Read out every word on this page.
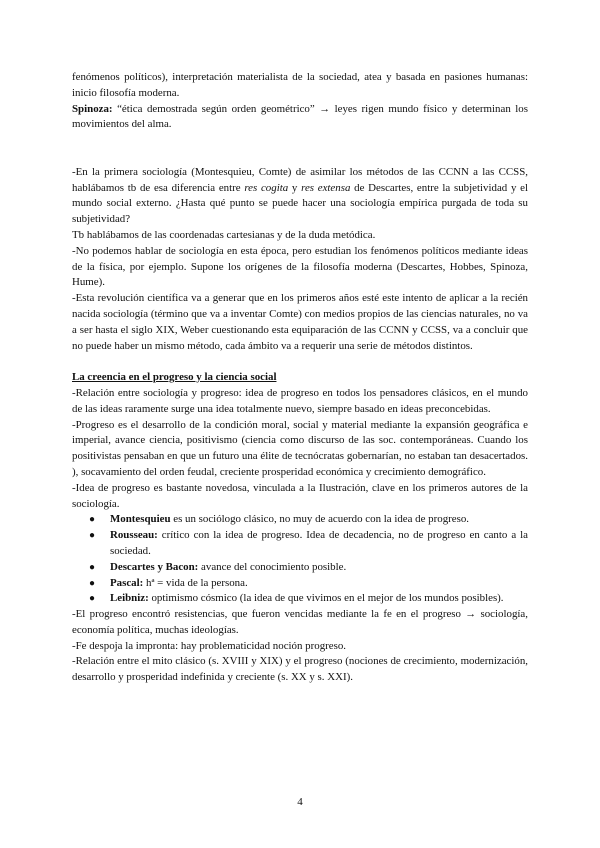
fenómenos políticos), interpretación materialista de la sociedad, atea y basada en pasiones humanas: inicio filosofía moderna.

Spinoza: “ética demostrada según orden geométrico” → leyes rigen mundo físico y determinan los movimientos del alma.

-En la primera sociología (Montesquieu, Comte) de asimilar los métodos de las CCNN a las CCSS, hablábamos tb de esa diferencia entre res cogita y res extensa de Descartes, entre la subjetividad y el mundo social externo. ¿Hasta qué punto se puede hacer una sociología empírica purgada de toda su subjetividad?

Tb hablábamos de las coordenadas cartesianas y de la duda metódica.

-No podemos hablar de sociología en esta época, pero estudian los fenómenos políticos mediante ideas de la física, por ejemplo. Supone los orígenes de la filosofía moderna (Descartes, Hobbes, Spinoza, Hume).

-Esta revolución científica va a generar que en los primeros años esté este intento de aplicar a la recién nacida sociología (término que va a inventar Comte) con medios propios de las ciencias naturales, no va a ser hasta el siglo XIX, Weber cuestionando esta equiparación de las CCNN y CCSS, va a concluir que no puede haber un mismo método, cada ámbito va a requerir una serie de métodos distintos.

La creencia en el progreso y la ciencia social

-Relación entre sociología y progreso: idea de progreso en todos los pensadores clásicos, en el mundo de las ideas raramente surge una idea totalmente nuevo, siempre basado en ideas preconcebidas.

-Progreso es el desarrollo de la condición moral, social y material mediante la expansión geográfica e imperial, avance ciencia, positivismo (ciencia como discurso de las soc. contemporáneas. Cuando los positivistas pensaban en que un futuro una élite de tecnócratas gobernarían, no estaban tan desacertados. ), socavamiento del orden feudal, creciente prosperidad económica y crecimiento demográfico.

-Idea de progreso es bastante novedosa, vinculada a la Ilustración, clave en los primeros autores de la sociología.

● Montesquieu es un sociólogo clásico, no muy de acuerdo con la idea de progreso.
● Rousseau: crítico con la idea de progreso. Idea de decadencia, no de progreso en canto a la sociedad.
● Descartes y Bacon: avance del conocimiento posible.
● Pascal: hª = vida de la persona.
● Leibniz: optimismo cósmico (la idea de que vivimos en el mejor de los mundos posibles).

-El progreso encontró resistencias, que fueron vencidas mediante la fe en el progreso → sociología, economía política, muchas ideologías.

-Fe despoja la impronta: hay problematicidad noción progreso.

-Relación entre el mito clásico (s. XVIII y XIX) y el progreso (nociones de crecimiento, modernización, desarrollo y prosperidad indefinida y creciente (s. XX y s. XXI).

4
